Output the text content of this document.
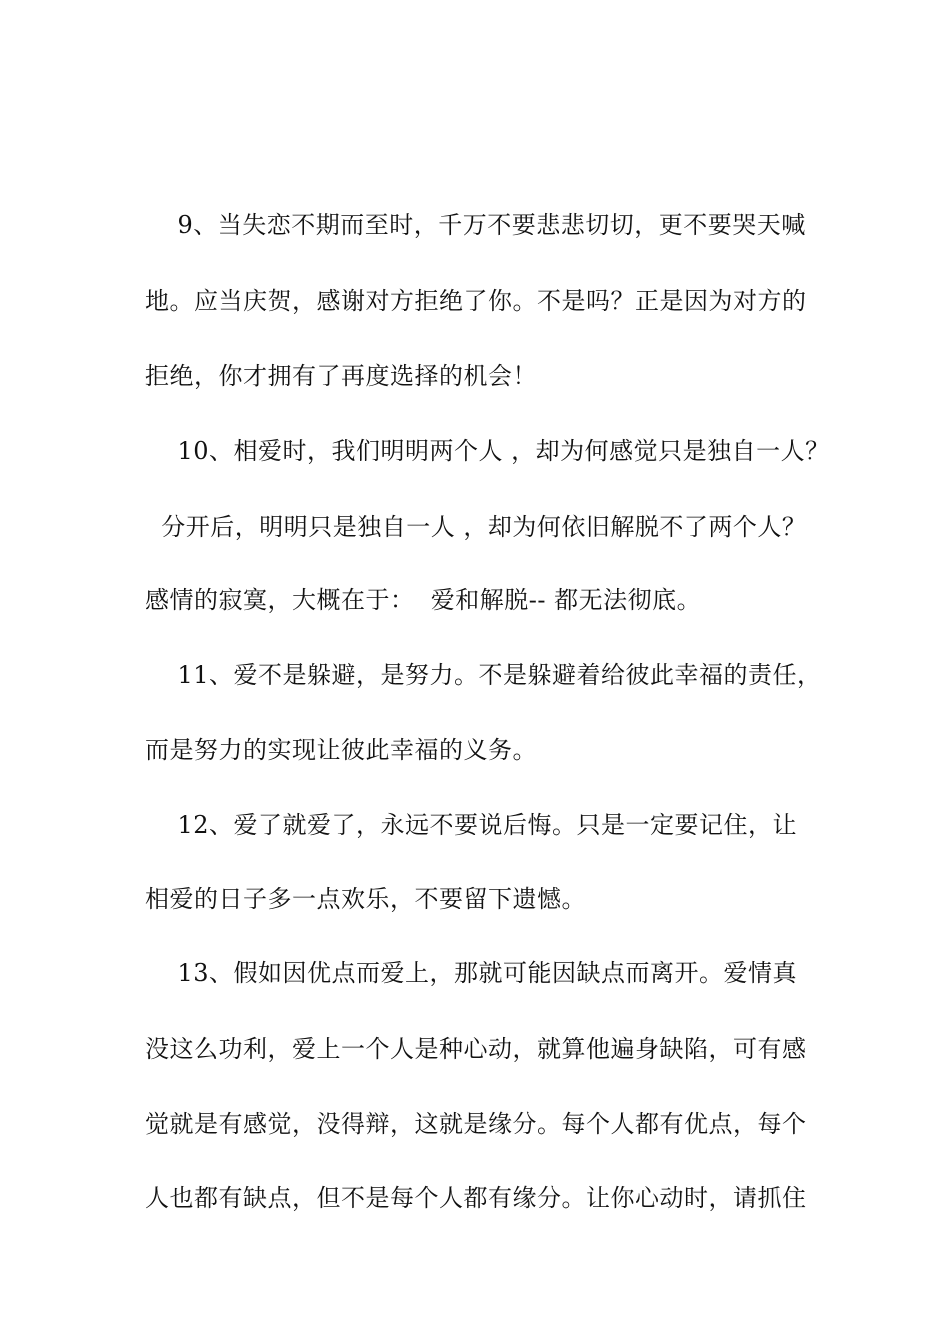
9、当失恋不期而至时，千万不要悲悲切切，更不要哭天喊
地。应当庆贺，感谢对方拒绝了你。不是吗？正是因为对方的
拒绝，你才拥有了再度选择的机会！
10、相爱时，我们明明两个人 ，却为何感觉只是独自一人？
分开后，明明只是独自一人 ，却为何依旧解脱不了两个人？
感情的寂寞，大概在于：  爱和解脱-- 都无法彻底。
11、爱不是躲避，是努力。不是躲避着给彼此幸福的责任，
而是努力的实现让彼此幸福的义务。
12、爱了就爱了，永远不要说后悔。只是一定要记住，让
相爱的日子多一点欢乐，不要留下遗憾。
13、假如因优点而爱上，那就可能因缺点而离开。爱情真
没这么功利，爱上一个人是种心动，就算他遍身缺陷，可有感
觉就是有感觉，没得辩，这就是缘分。每个人都有优点，每个
人也都有缺点，但不是每个人都有缘分。让你心动时，请抓住
